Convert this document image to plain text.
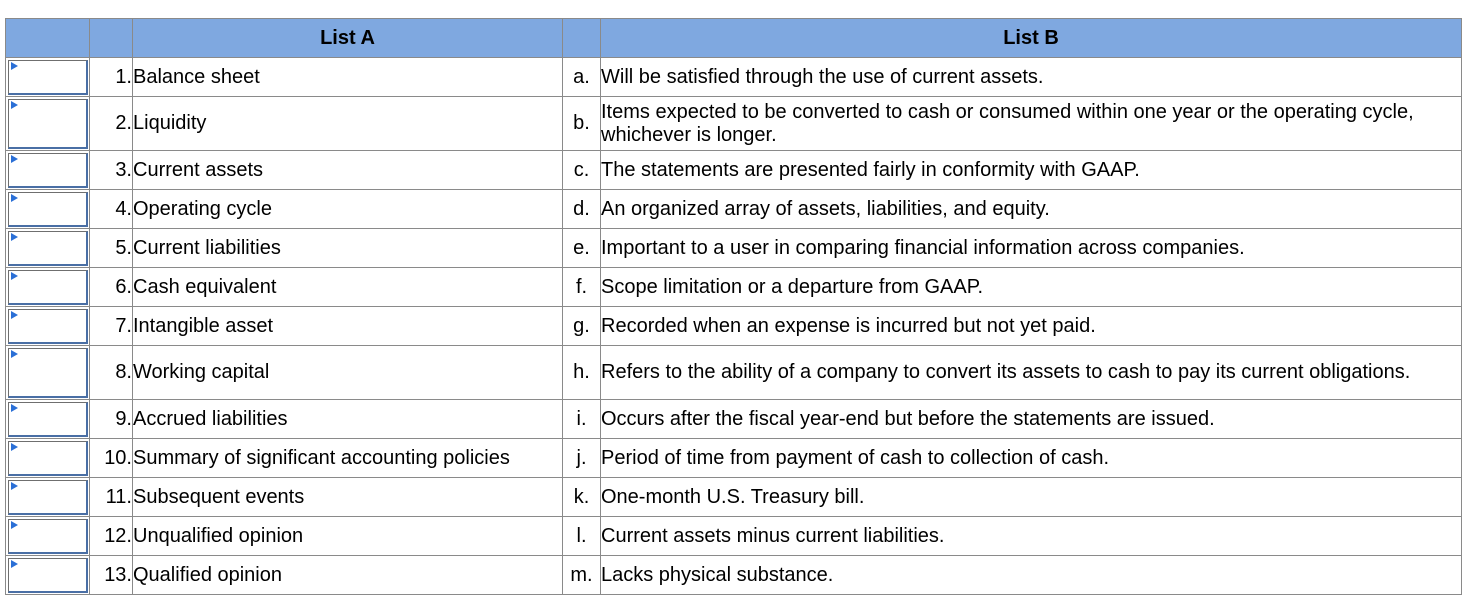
		List A		List B

	1.	Balance sheet	a.	Will be satisfied through the use of current assets.

	2.	Liquidity	b.	Items expected to be converted to cash or consumed within one year or the operating cycle, whichever is longer.

	3.	Current assets	c.	The statements are presented fairly in conformity with GAAP.

	4.	Operating cycle	d.	An organized array of assets, liabilities, and equity.

	5.	Current liabilities	e.	Important to a user in comparing financial information across companies.

	6.	Cash equivalent	f.	Scope limitation or a departure from GAAP.

	7.	Intangible asset	g.	Recorded when an expense is incurred but not yet paid.

	8.	Working capital	h.	Refers to the ability of a company to convert its assets to cash to pay its current obligations.

	9.	Accrued liabilities	i.	Occurs after the fiscal year-end but before the statements are issued.

	10.	Summary of significant accounting policies	j.	Period of time from payment of cash to collection of cash.

	11.	Subsequent events	k.	One-month U.S. Treasury bill.

	12.	Unqualified opinion	l.	Current assets minus current liabilities.

	13.	Qualified opinion	m.	Lacks physical substance.
